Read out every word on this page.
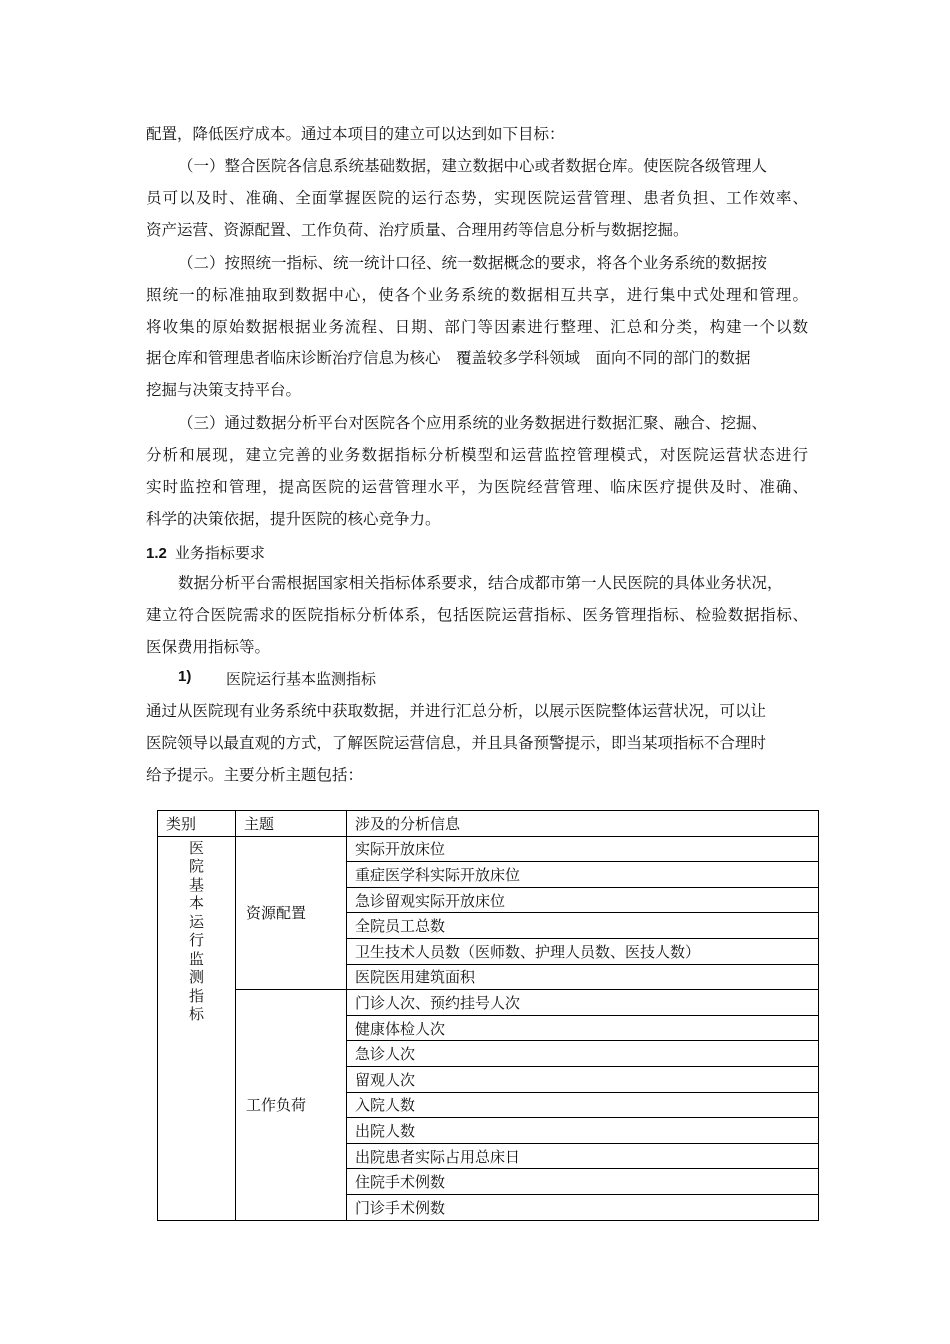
配置，降低医疗成本。通过本项目的建立可以达到如下目标：
（一）整合医院各信息系统基础数据，建立数据中心或者数据仓库。使医院各级管理人
员可以及时、准确、全面掌握医院的运行态势，实现医院运营管理、患者负担、工作效率、
资产运营、资源配置、工作负荷、治疗质量、合理用药等信息分析与数据挖掘。
（二）按照统一指标、统一统计口径、统一数据概念的要求，将各个业务系统的数据按
照统一的标准抽取到数据中心，使各个业务系统的数据相互共享，进行集中式处理和管理。
将收集的原始数据根据业务流程、日期、部门等因素进行整理、汇总和分类，构建一个以数
据仓库和管理患者临床诊断治疗信息为核心　覆盖较多学科领域　面向不同的部门的数据
挖掘与决策支持平台。
（三）通过数据分析平台对医院各个应用系统的业务数据进行数据汇聚、融合、挖掘、
分析和展现，建立完善的业务数据指标分析模型和运营监控管理模式，对医院运营状态进行
实时监控和管理，提高医院的运营管理水平，为医院经营管理、临床医疗提供及时、准确、
科学的决策依据，提升医院的核心竞争力。
1.2 业务指标要求
数据分析平台需根据国家相关指标体系要求，结合成都市第一人民医院的具体业务状况，
建立符合医院需求的医院指标分析体系，包括医院运营指标、医务管理指标、检验数据指标、
医保费用指标等。
1) 医院运行基本监测指标
通过从医院现有业务系统中获取数据，并进行汇总分析，以展示医院整体运营状况，可以让
医院领导以最直观的方式，了解医院运营信息，并且具备预警提示，即当某项指标不合理时
给予提示。主要分析主题包括：
类别	主题	涉及的分析信息
医院基本运行监测指标	资源配置	实际开放床位
		重症医学科实际开放床位
		急诊留观实际开放床位
		全院员工总数
		卫生技术人员数（医师数、护理人员数、医技人数）
		医院医用建筑面积
	工作负荷	门诊人次、预约挂号人次
		健康体检人次
		急诊人次
		留观人次
		入院人数
		出院人数
		出院患者实际占用总床日
		住院手术例数
		门诊手术例数
